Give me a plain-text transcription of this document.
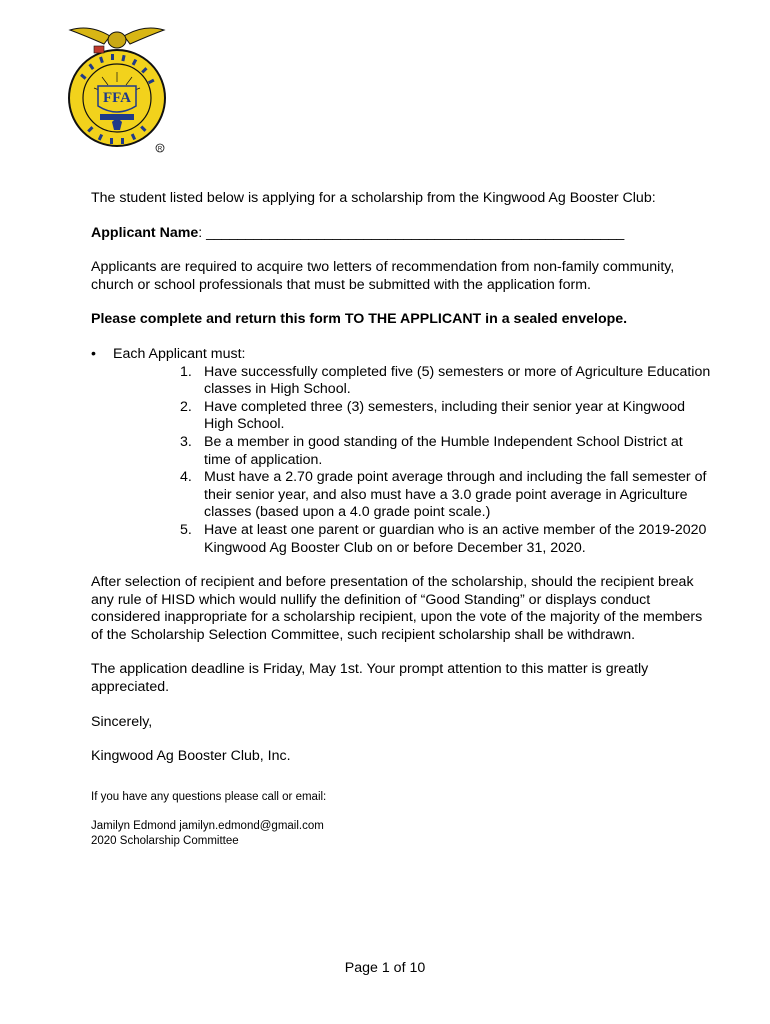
FFA
R

The student listed below is applying for a scholarship from the Kingwood Ag Booster Club:

Applicant Name: _____________________________________________________

Applicants are required to acquire two letters of recommendation from non-family community, church or school professionals that must be submitted with the application form.

Please complete and return this form TO THE APPLICANT in a sealed envelope.

•	Each Applicant must:
1. Have successfully completed five (5) semesters or more of Agriculture Education classes in High School.
2. Have completed three (3) semesters, including their senior year at Kingwood High School.
3. Be a member in good standing of the Humble Independent School District at time of application.
4. Must have a 2.70 grade point average through and including the fall semester of their senior year, and also must have a 3.0 grade point average in Agriculture classes (based upon a 4.0 grade point scale.)
5. Have at least one parent or guardian who is an active member of the 2019-2020 Kingwood Ag Booster Club on or before December 31, 2020.

After selection of recipient and before presentation of the scholarship, should the recipient break any rule of HISD which would nullify the definition of “Good Standing” or displays conduct considered inappropriate for a scholarship recipient, upon the vote of the majority of the members of the Scholarship Selection Committee, such recipient scholarship shall be withdrawn.

The application deadline is Friday, May 1st. Your prompt attention to this matter is greatly appreciated.

Sincerely,

Kingwood Ag Booster Club, Inc.

If you have any questions please call or email:

Jamilyn Edmond jamilyn.edmond@gmail.com
2020 Scholarship Committee
Page 1 of 10
